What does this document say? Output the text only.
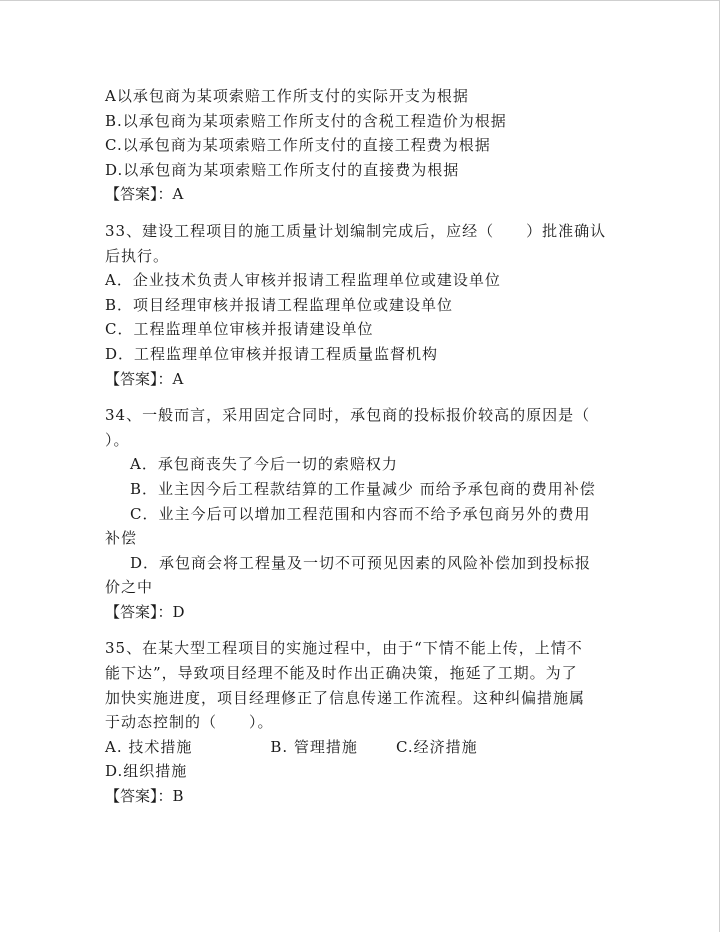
A以承包商为某项索赔工作所支付的实际开支为根据
B.以承包商为某项索赔工作所支付的含税工程造价为根据
C.以承包商为某项索赔工作所支付的直接工程费为根据
D.以承包商为某项索赔工作所支付的直接费为根据
【答案】：A
33、建设工程项目的施工质量计划编制完成后，应经（　　）批准确认
后执行。
A．企业技术负责人审核并报请工程监理单位或建设单位
B．项目经理审核并报请工程监理单位或建设单位
C．工程监理单位审核并报请建设单位
D．工程监理单位审核并报请工程质量监督机构
【答案】：A
34、一般而言，采用固定合同时，承包商的投标报价较高的原因是（
）。
A．承包商丧失了今后一切的索赔权力
B．业主因今后工程款结算的工作量减少 而给予承包商的费用补偿
C．业主今后可以增加工程范围和内容而不给予承包商另外的费用
补偿
D．承包商会将工程量及一切不可预见因素的风险补偿加到投标报
价之中
【答案】：D
35、在某大型工程项目的实施过程中，由于“下情不能上传，上情不
能下达”，导致项目经理不能及时作出正确决策，拖延了工期。为了
加快实施进度，项目经理修正了信息传递工作流程。这种纠偏措施属
于动态控制的（　　）。
A. 技术措施	B. 管理措施	C.经济措施
D.组织措施
【答案】：B
